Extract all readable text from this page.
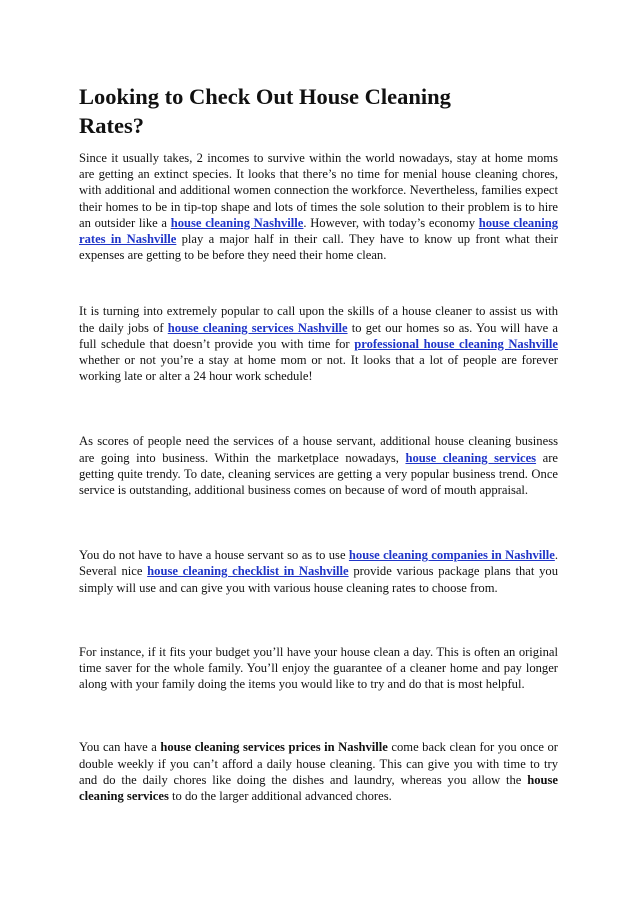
Looking to Check Out House Cleaning Rates?

Since it usually takes, 2 incomes to survive within the world nowadays, stay at home moms are getting an extinct species. It looks that there’s no time for menial house cleaning chores, with additional and additional women connection the workforce. Nevertheless, families expect their homes to be in tip-top shape and lots of times the sole solution to their problem is to hire an outsider like a house cleaning Nashville. However, with today’s economy house cleaning rates in Nashville play a major half in their call. They have to know up front what their expenses are getting to be before they need their home clean.

It is turning into extremely popular to call upon the skills of a house cleaner to assist us with the daily jobs of house cleaning services Nashville to get our homes so as. You will have a full schedule that doesn’t provide you with time for professional house cleaning Nashville whether or not you’re a stay at home mom or not. It looks that a lot of people are forever working late or alter a 24 hour work schedule!

As scores of people need the services of a house servant, additional house cleaning business are going into business. Within the marketplace nowadays, house cleaning services are getting quite trendy. To date, cleaning services are getting a very popular business trend. Once service is outstanding, additional business comes on because of word of mouth appraisal.

You do not have to have a house servant so as to use house cleaning companies in Nashville. Several nice house cleaning checklist in Nashville provide various package plans that you simply will use and can give you with various house cleaning rates to choose from.

For instance, if it fits your budget you’ll have your house clean a day. This is often an original time saver for the whole family. You’ll enjoy the guarantee of a cleaner home and pay longer along with your family doing the items you would like to try and do that is most helpful.

You can have a house cleaning services prices in Nashville come back clean for you once or double weekly if you can’t afford a daily house cleaning. This can give you with time to try and do the daily chores like doing the dishes and laundry, whereas you allow the house cleaning services to do the larger additional advanced chores.
